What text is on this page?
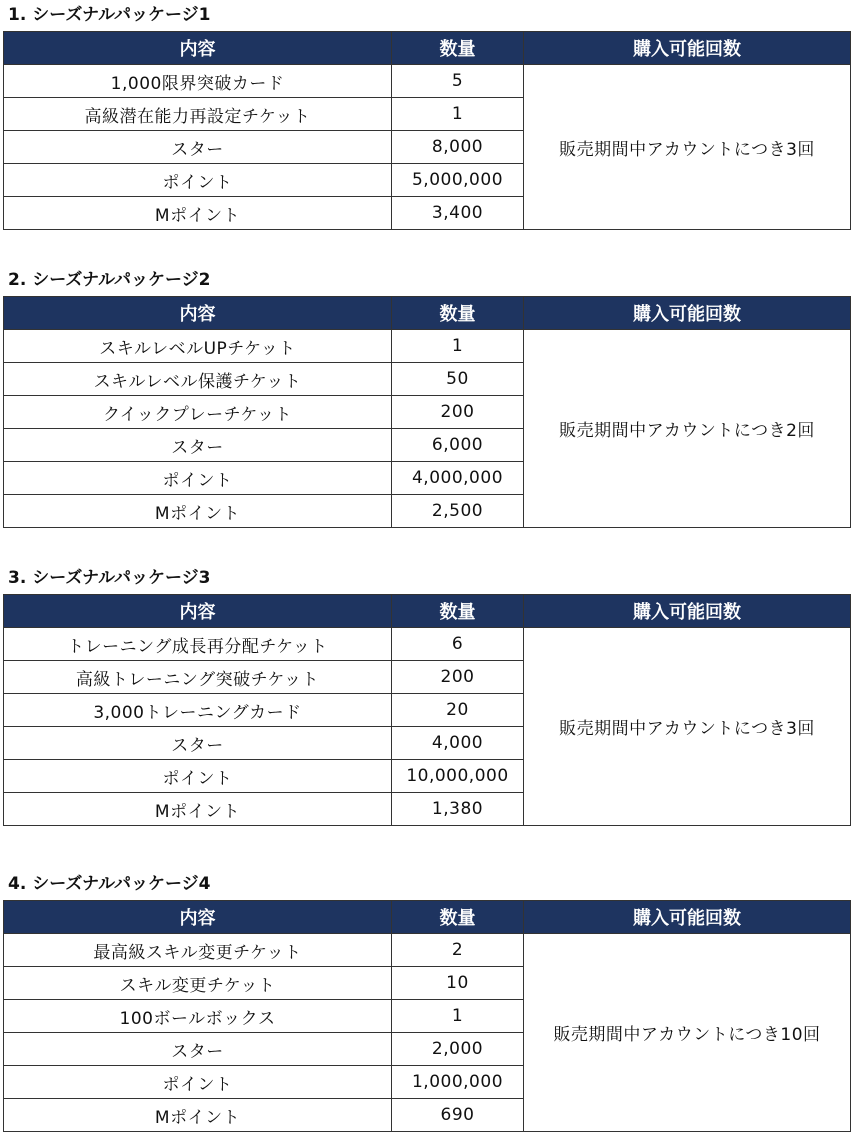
1. シーズナルパッケージ1
内容	数量	購入可能回数
1,000限界突破カード	5	販売期間中アカウントにつき3回
高級潜在能力再設定チケット	1	
スター	8,000	
ポイント	5,000,000	
Mポイント	3,400	
2. シーズナルパッケージ2
内容	数量	購入可能回数
スキルレベルUPチケット	1	販売期間中アカウントにつき2回
スキルレベル保護チケット	50	
クイックプレーチケット	200	
スター	6,000	
ポイント	4,000,000	
Mポイント	2,500	
3. シーズナルパッケージ3
内容	数量	購入可能回数
トレーニング成長再分配チケット	6	販売期間中アカウントにつき3回
高級トレーニング突破チケット	200	
3,000トレーニングカード	20	
スター	4,000	
ポイント	10,000,000	
Mポイント	1,380	
4. シーズナルパッケージ4
内容	数量	購入可能回数
最高級スキル変更チケット	2	販売期間中アカウントにつき10回
スキル変更チケット	10	
100ボールボックス	1	
スター	2,000	
ポイント	1,000,000	
Mポイント	690	
